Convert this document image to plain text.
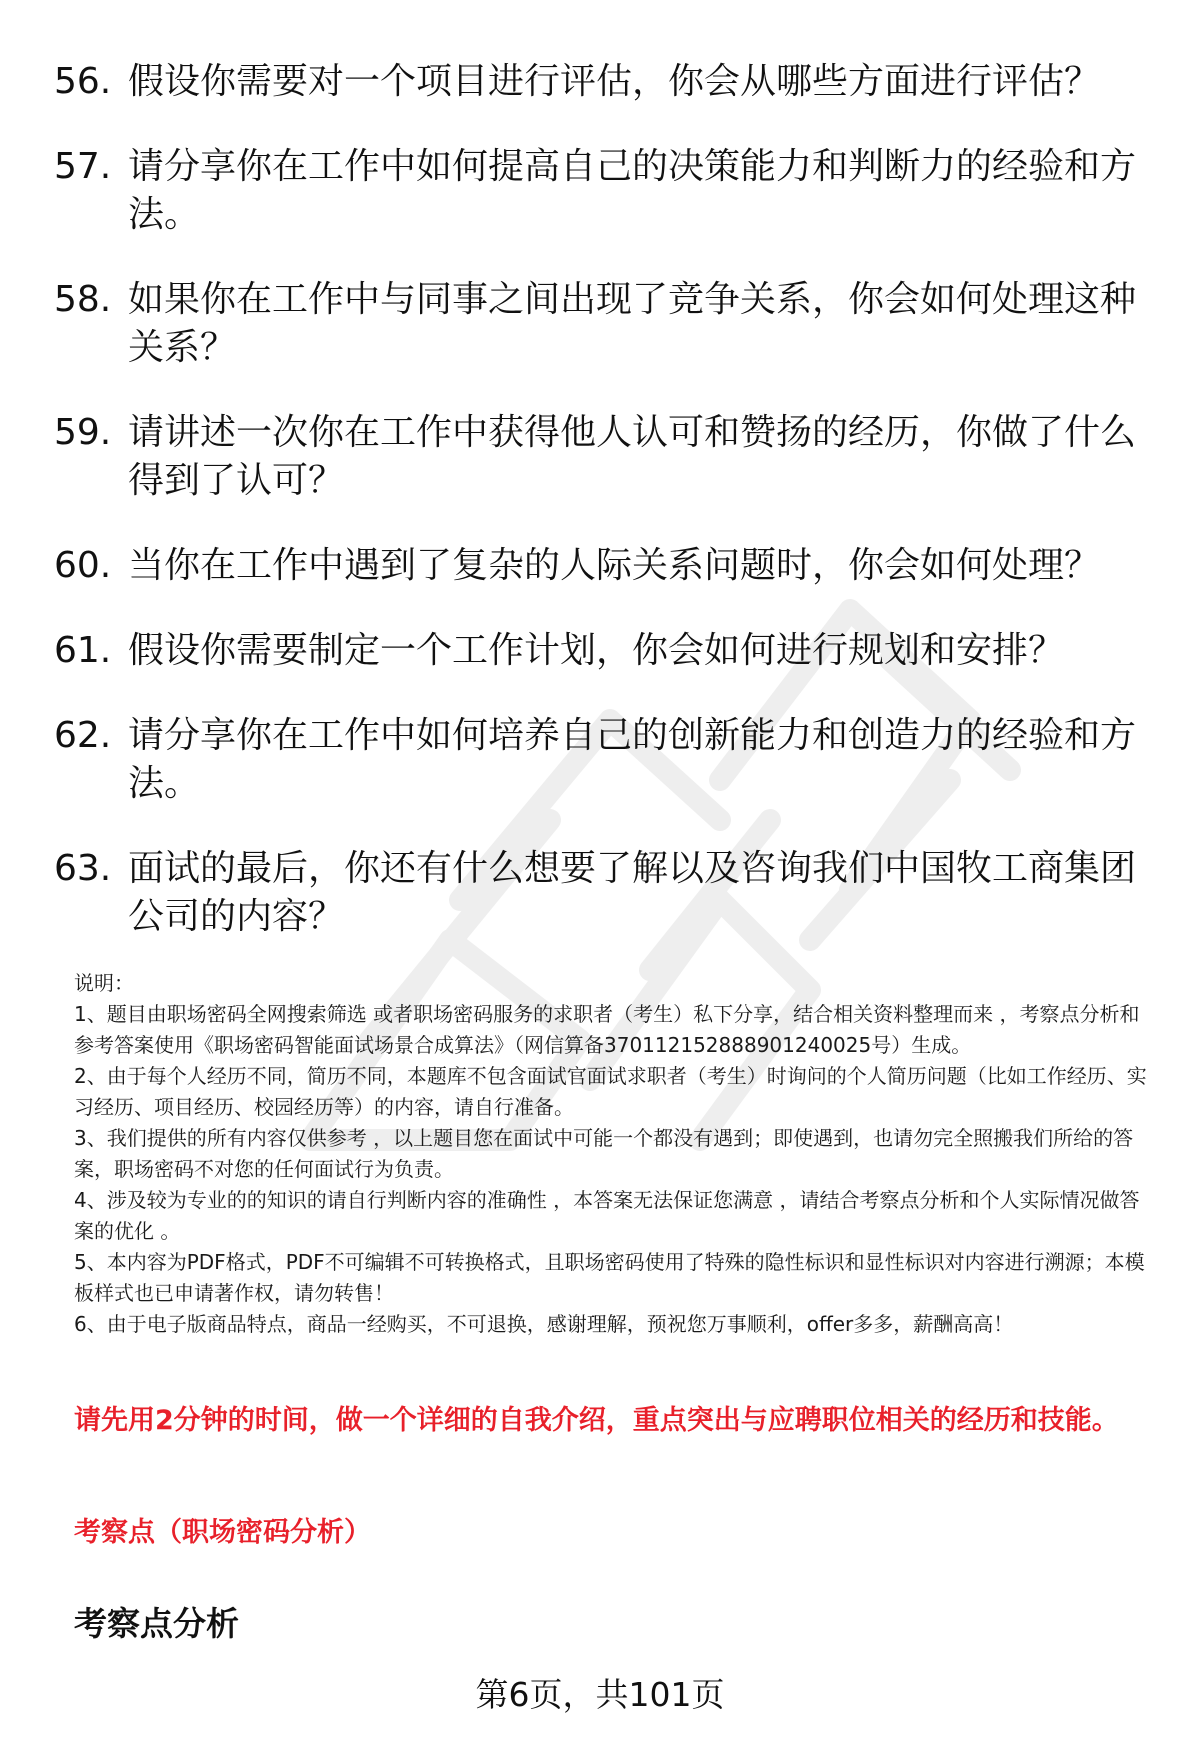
56. 假设你需要对一个项目进行评估，你会从哪些方面进行评估？
57. 请分享你在工作中如何提高自己的决策能力和判断力的经验和方法。
58. 如果你在工作中与同事之间出现了竞争关系，你会如何处理这种关系？
59. 请讲述一次你在工作中获得他人认可和赞扬的经历，你做了什么得到了认可？
60. 当你在工作中遇到了复杂的人际关系问题时，你会如何处理？
61. 假设你需要制定一个工作计划，你会如何进行规划和安排？
62. 请分享你在工作中如何培养自己的创新能力和创造力的经验和方法。
63. 面试的最后，你还有什么想要了解以及咨询我们中国牧工商集团公司的内容？

说明：

1、题目由职场密码全网搜索筛选 或者职场密码服务的求职者（考生）私下分享，结合相关资料整理而来 ，考察点分析和参考答案使用《职场密码智能面试场景合成算法》（网信算备370112152888901240025号）生成。

2、由于每个人经历不同，简历不同，本题库不包含面试官面试求职者（考生）时询问的个人简历问题（比如工作经历、实习经历、项目经历、校园经历等）的内容，请自行准备。

3、我们提供的所有内容仅供参考 ，以上题目您在面试中可能一个都没有遇到；即使遇到，也请勿完全照搬我们所给的答案，职场密码不对您的任何面试行为负责。

4、涉及较为专业的的知识的请自行判断内容的准确性 ，本答案无法保证您满意 ，请结合考察点分析和个人实际情况做答案的优化 。

5、本内容为PDF格式，PDF不可编辑不可转换格式，且职场密码使用了特殊的隐性标识和显性标识对内容进行溯源；本模板样式也已申请著作权，请勿转售！

6、由于电子版商品特点，商品一经购买，不可退换，感谢理解，预祝您万事顺利，offer多多，薪酬高高！

请先用2分钟的时间，做一个详细的自我介绍，重点突出与应聘职位相关的经历和技能。

考察点（职场密码分析）

考察点分析

第6页，共101页
